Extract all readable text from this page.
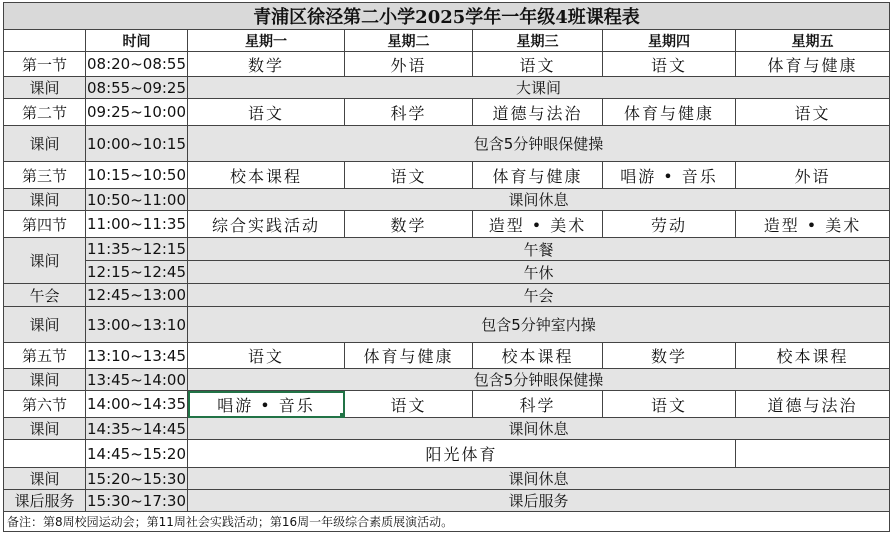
青浦区徐泾第二小学2025学年一年级4班课程表						
	时间	星期一	星期二	星期三	星期四	星期五
第一节	08:20~08:55	数学	外语	语文	语文	体育与健康
课间	08:55~09:25	大课间				
第二节	09:25~10:00	语文	科学	道德与法治	体育与健康	语文
课间	10:00~10:15	包含5分钟眼保健操				
第三节	10:15~10:50	校本课程	语文	体育与健康	唱游 • 音乐	外语
课间	10:50~11:00	课间休息				
第四节	11:00~11:35	综合实践活动	数学	造型 • 美术	劳动	造型 • 美术
课间	11:35~12:15	午餐				
	12:15~12:45	午休				
午会	12:45~13:00	午会				
课间	13:00~13:10	包含5分钟室内操				
第五节	13:10~13:45	语文	体育与健康	校本课程	数学	校本课程
课间	13:45~14:00	包含5分钟眼保健操				
第六节	14:00~14:35	唱游 • 音乐	语文	科学	语文	道德与法治
课间	14:35~14:45	课间休息				
	14:45~15:20	阳光体育				
课间	15:20~15:30	课间休息				
课后服务	15:30~17:30	课后服务				
备注：第8周校园运动会；第11周社会实践活动；第16周一年级综合素质展演活动。						
